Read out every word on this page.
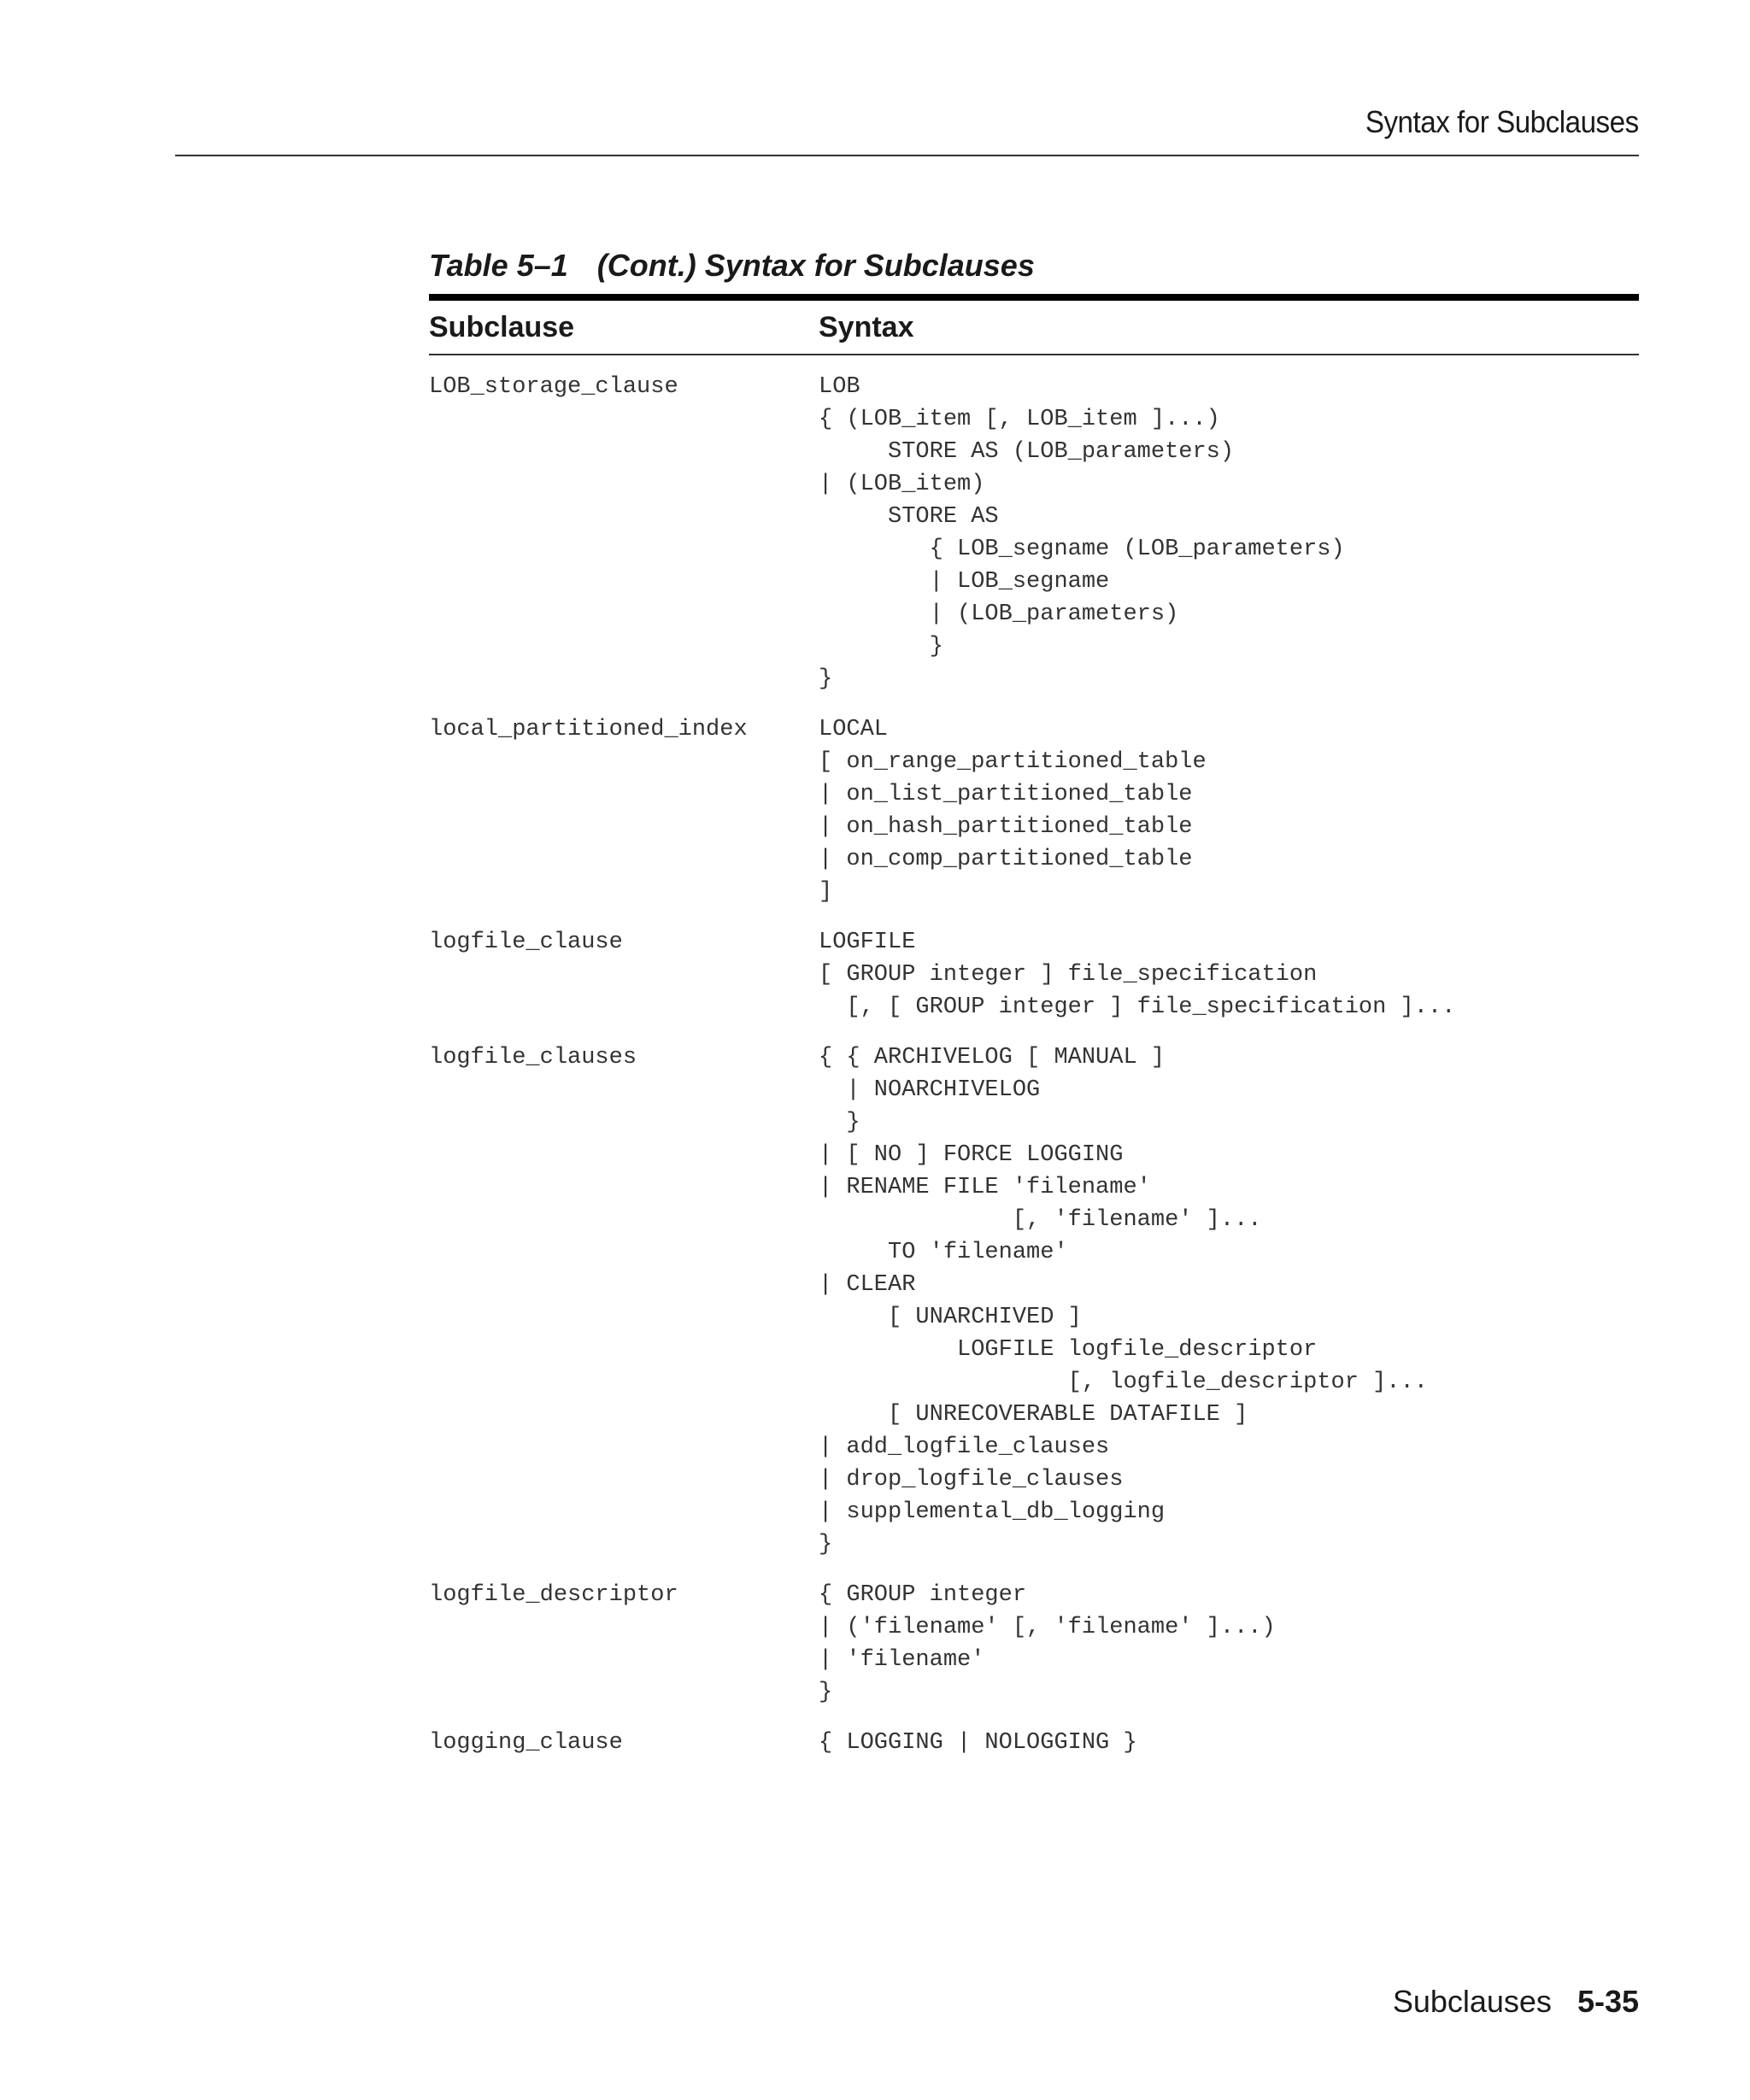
Syntax for Subclauses
Table 5–1 (Cont.) Syntax for Subclauses
Subclause	Syntax
LOB_storage_clause	LOB
{ (LOB_item [, LOB_item ]...)
STORE AS (LOB_parameters)
| (LOB_item)
STORE AS
{ LOB_segname (LOB_parameters)
| LOB_segname
| (LOB_parameters)
}
}
local_partitioned_index	LOCAL
[ on_range_partitioned_table
| on_list_partitioned_table
| on_hash_partitioned_table
| on_comp_partitioned_table
]
logfile_clause	LOGFILE
[ GROUP integer ] file_specification
[, [ GROUP integer ] file_specification ]...
logfile_clauses	{ { ARCHIVELOG [ MANUAL ]
| NOARCHIVELOG
}
| [ NO ] FORCE LOGGING
| RENAME FILE 'filename'
[, 'filename' ]...
TO 'filename'
| CLEAR
[ UNARCHIVED ]
LOGFILE logfile_descriptor
[, logfile_descriptor ]...
[ UNRECOVERABLE DATAFILE ]
| add_logfile_clauses
| drop_logfile_clauses
| supplemental_db_logging
}
logfile_descriptor	{ GROUP integer
| ('filename' [, 'filename' ]...)
| 'filename'
}
logging_clause	{ LOGGING | NOLOGGING }
Subclauses 5-35
